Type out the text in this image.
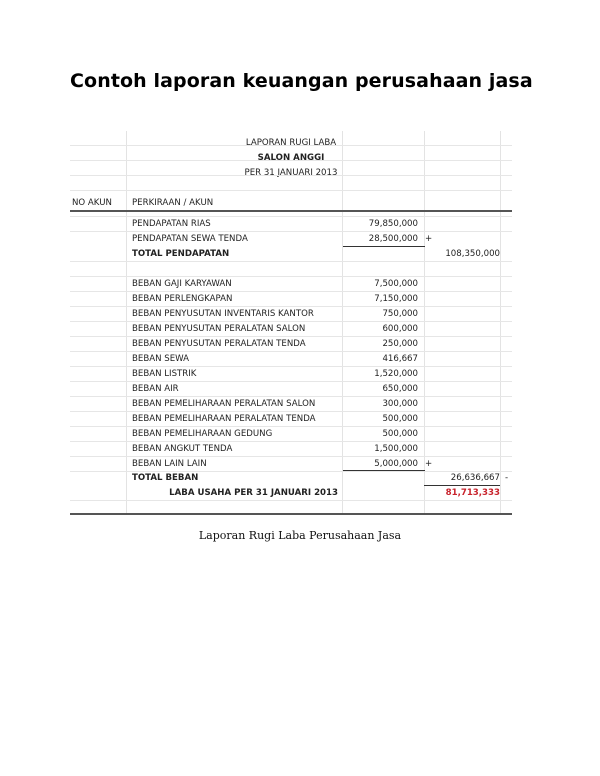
Contoh laporan keuangan perusahaan jasa
LAPORAN RUGI LABA
SALON ANGGI
PER 31 JANUARI 2013
NO AKUN PERKIRAAN / AKUN
PENDAPATAN RIAS	79,850,000
PENDAPATAN SEWA TENDA	28,500,000 +
TOTAL PENDAPATAN	108,350,000
BEBAN GAJI KARYAWAN	7,500,000
BEBAN PERLENGKAPAN	7,150,000
BEBAN PENYUSUTAN INVENTARIS KANTOR	750,000
BEBAN PENYUSUTAN PERALATAN SALON	600,000
BEBAN PENYUSUTAN PERALATAN TENDA	250,000
BEBAN SEWA	416,667
BEBAN LISTRIK	1,520,000
BEBAN AIR	650,000
BEBAN PEMELIHARAAN PERALATAN SALON	300,000
BEBAN PEMELIHARAAN PERALATAN TENDA	500,000
BEBAN PEMELIHARAAN GEDUNG	500,000
BEBAN ANGKUT TENDA	1,500,000
BEBAN LAIN LAIN	5,000,000 +
TOTAL BEBAN	26,636,667 -
LABA USAHA PER 31 JANUARI 2013	81,713,333
Laporan Rugi Laba Perusahaan Jasa
